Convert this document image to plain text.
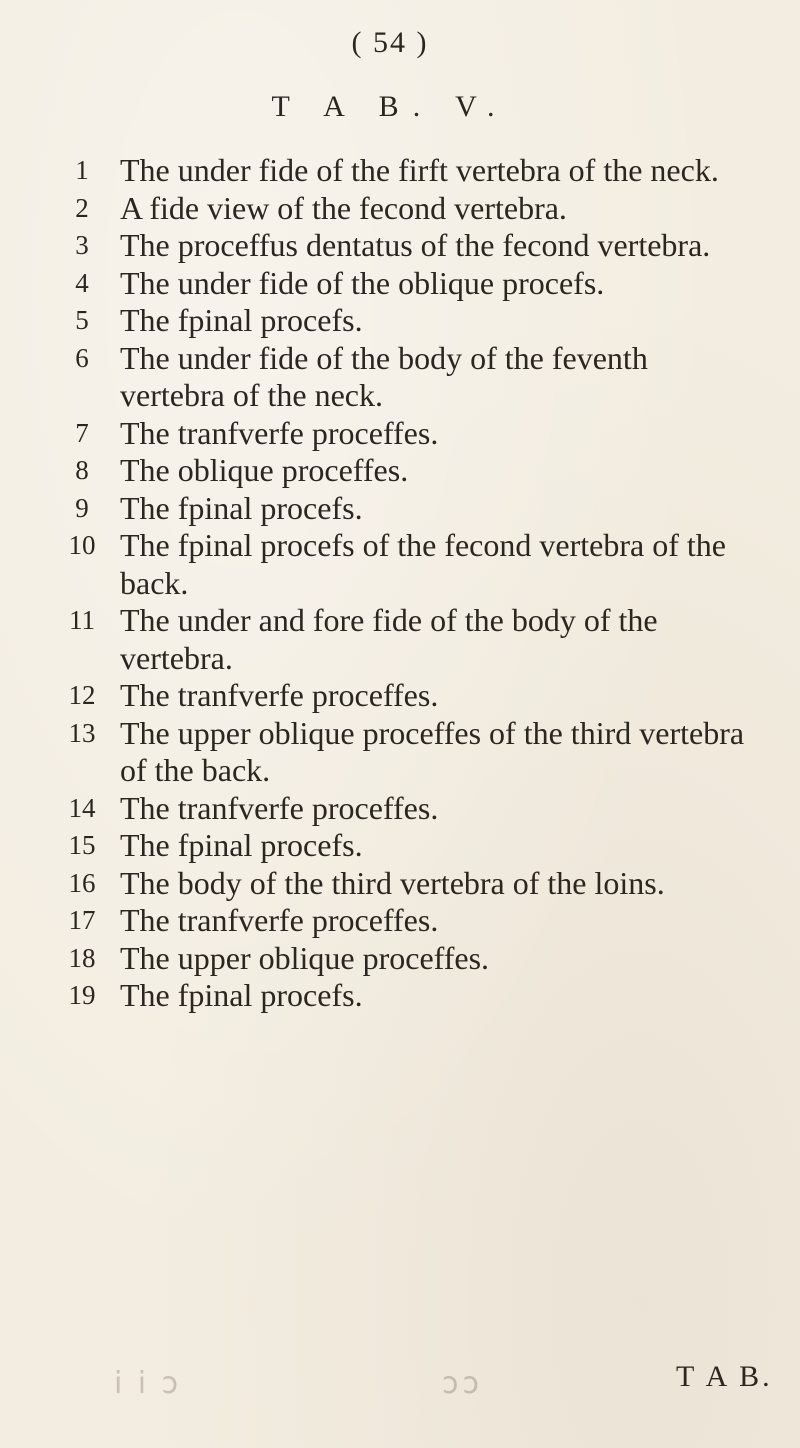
( 54 )
T A B. V.
1 The under fide of the firft vertebra of the neck.
2 A fide view of the fecond vertebra.
3 The proceffus dentatus of the fecond vertebra.
4 The under fide of the oblique procefs.
5 The fpinal procefs.
6 The under fide of the body of the feventh vertebra of the neck.
7 The tranfverfe proceffes.
8 The oblique proceffes.
9 The fpinal procefs.
10 The fpinal procefs of the fecond vertebra of the back.
11 The under and fore fide of the body of the vertebra.
12 The tranfverfe proceffes.
13 The upper oblique proceffes of the third vertebra of the back.
14 The tranfverfe proceffes.
15 The fpinal procefs.
16 The body of the third vertebra of the loins.
17 The tranfverfe proceffes.
18 The upper oblique proceffes.
19 The fpinal procefs.
ⅽ ⅰ ⅰ	ⅽⅽ	T A B.
